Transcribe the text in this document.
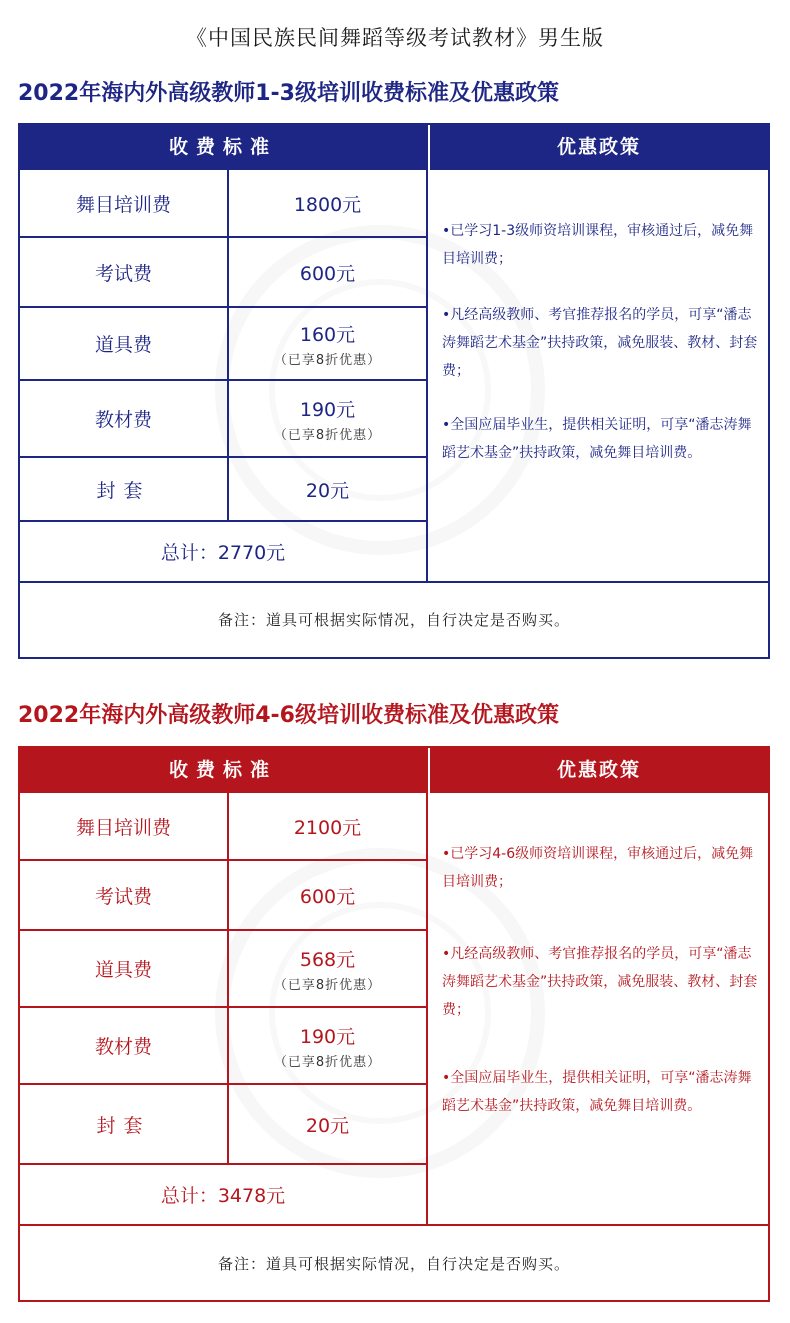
《中国民族民间舞蹈等级考试教材》男生版
2022年海内外高级教师1-3级培训收费标准及优惠政策
收费标准	优惠政策
舞目培训费	1800元
考试费	600元
道具费	160元
（已享8折优惠）
教材费	190元
（已享8折优惠）
封套	20元
总计：2770元

•已学习1-3级师资培训课程，审核通过后，减免舞目培训费；

•凡经高级教师、考官推荐报名的学员，可享“潘志涛舞蹈艺术基金”扶持政策，减免服装、教材、封套费；

•全国应届毕业生，提供相关证明，可享“潘志涛舞蹈艺术基金”扶持政策，减免舞目培训费。

备注：道具可根据实际情况，自行决定是否购买。
2022年海内外高级教师4-6级培训收费标准及优惠政策
收费标准	优惠政策
舞目培训费	2100元
考试费	600元
道具费	568元
（已享8折优惠）
教材费	190元
（已享8折优惠）
封套	20元
总计：3478元

•已学习4-6级师资培训课程，审核通过后，减免舞目培训费；

•凡经高级教师、考官推荐报名的学员，可享“潘志涛舞蹈艺术基金”扶持政策，减免服装、教材、封套费；

•全国应届毕业生，提供相关证明，可享“潘志涛舞蹈艺术基金”扶持政策，减免舞目培训费。

备注：道具可根据实际情况，自行决定是否购买。
